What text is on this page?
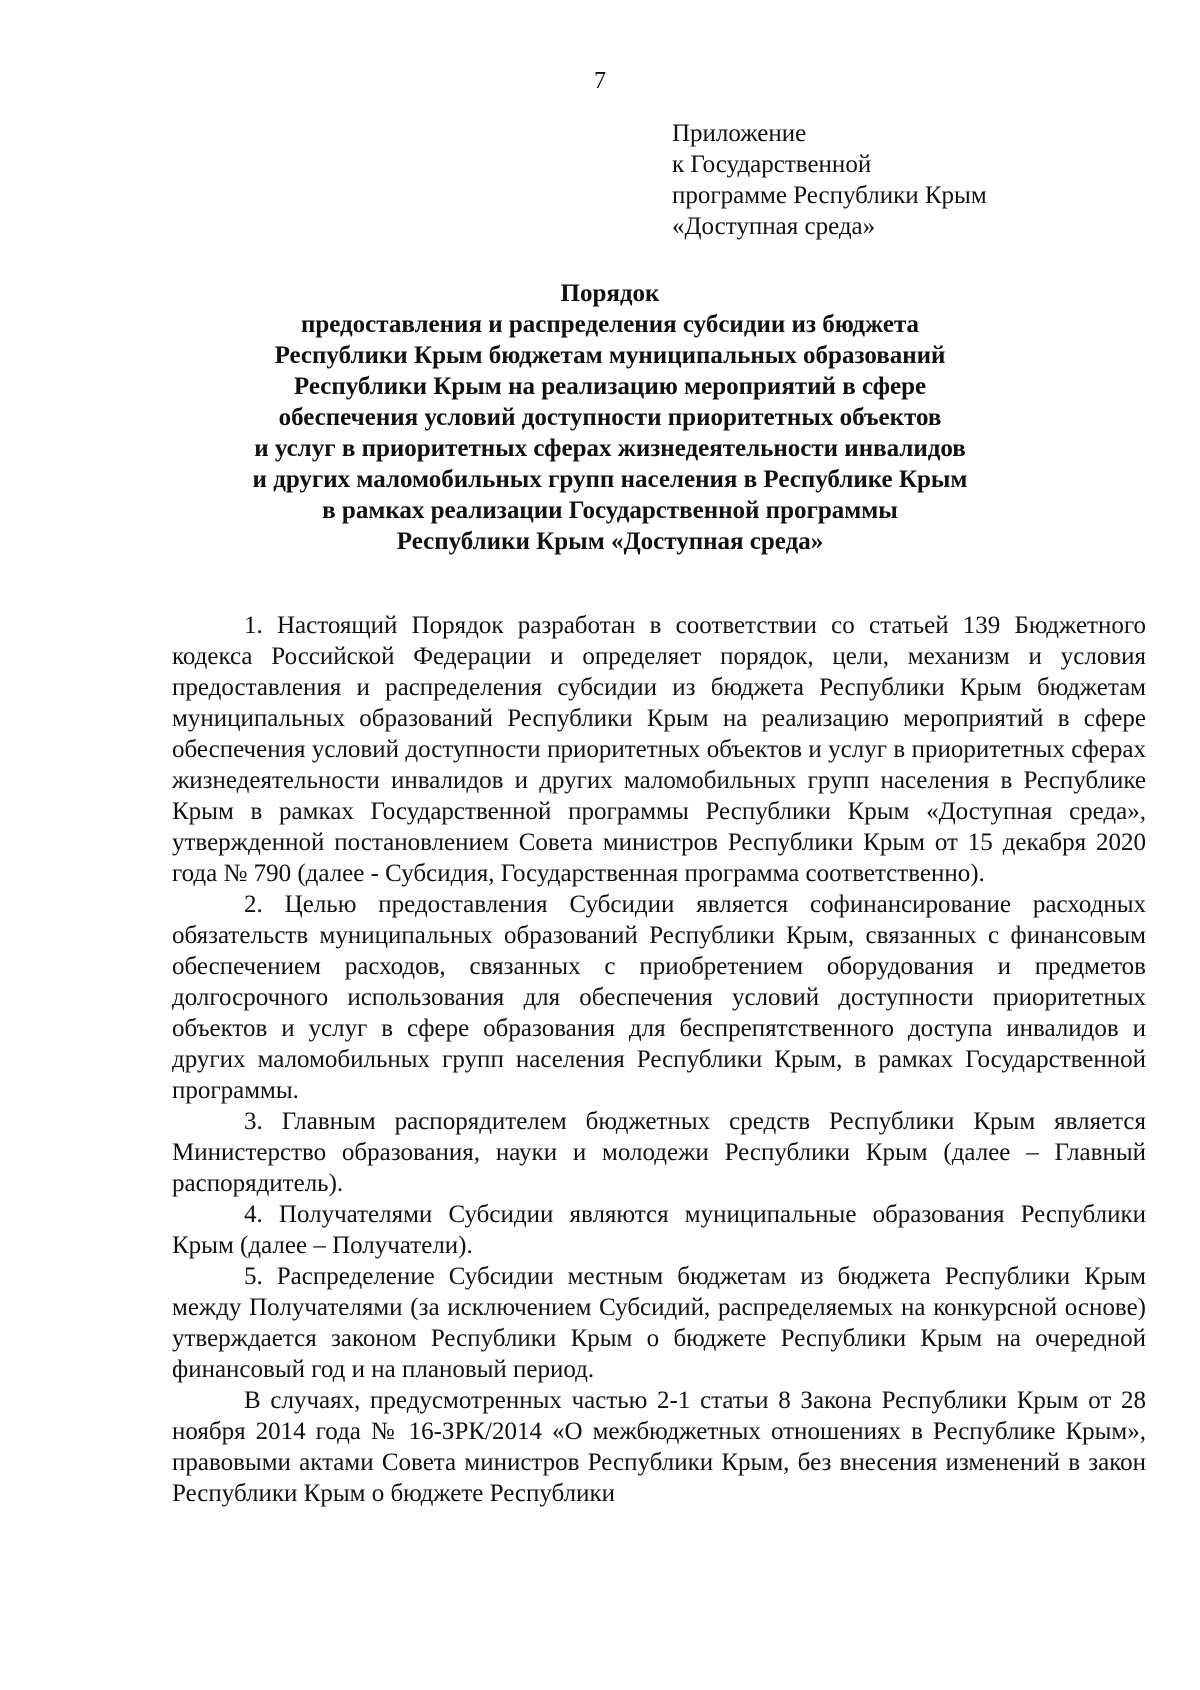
7
Приложение
к Государственной
программе Республики Крым
«Доступная среда»
Порядок
предоставления и распределения субсидии из бюджета
Республики Крым бюджетам муниципальных образований
Республики Крым на реализацию мероприятий в сфере
обеспечения условий доступности приоритетных объектов
и услуг в приоритетных сферах жизнедеятельности инвалидов
и других маломобильных групп населения в Республике Крым
в рамках реализации Государственной программы
Республики Крым «Доступная среда»

1. Настоящий Порядок разработан в соответствии со статьей 139 Бюджетного кодекса Российской Федерации и определяет порядок, цели, механизм и условия предоставления и распределения субсидии из бюджета Республики Крым бюджетам муниципальных образований Республики Крым на реализацию мероприятий в сфере обеспечения условий доступности приоритетных объектов и услуг в приоритетных сферах жизнедеятельности инвалидов и других маломобильных групп населения в Республике Крым в рамках Государственной программы Республики Крым «Доступная среда», утвержденной постановлением Совета министров Республики Крым от 15 декабря 2020 года № 790 (далее - Субсидия, Государственная программа соответственно).

2. Целью предоставления Субсидии является софинансирование расходных обязательств муниципальных образований Республики Крым, связанных с финансовым обеспечением расходов, связанных с приобретением оборудования и предметов долгосрочного использования для обеспечения условий доступности приоритетных объектов и услуг в сфере образования для беспрепятственного доступа инвалидов и других маломобильных групп населения Республики Крым, в рамках Государственной программы.

3. Главным распорядителем бюджетных средств Республики Крым является Министерство образования, науки и молодежи Республики Крым (далее – Главный распорядитель).

4. Получателями Субсидии являются муниципальные образования Республики Крым (далее – Получатели).

5. Распределение Субсидии местным бюджетам из бюджета Республики Крым между Получателями (за исключением Субсидий, распределяемых на конкурсной основе) утверждается законом Республики Крым о бюджете Республики Крым на очередной финансовый год и на плановый период.

В случаях, предусмотренных частью 2-1 статьи 8 Закона Республики Крым от 28 ноября 2014 года № 16-ЗРК/2014 «О межбюджетных отношениях в Республике Крым», правовыми актами Совета министров Республики Крым, без внесения изменений в закон Республики Крым о бюджете Республики
